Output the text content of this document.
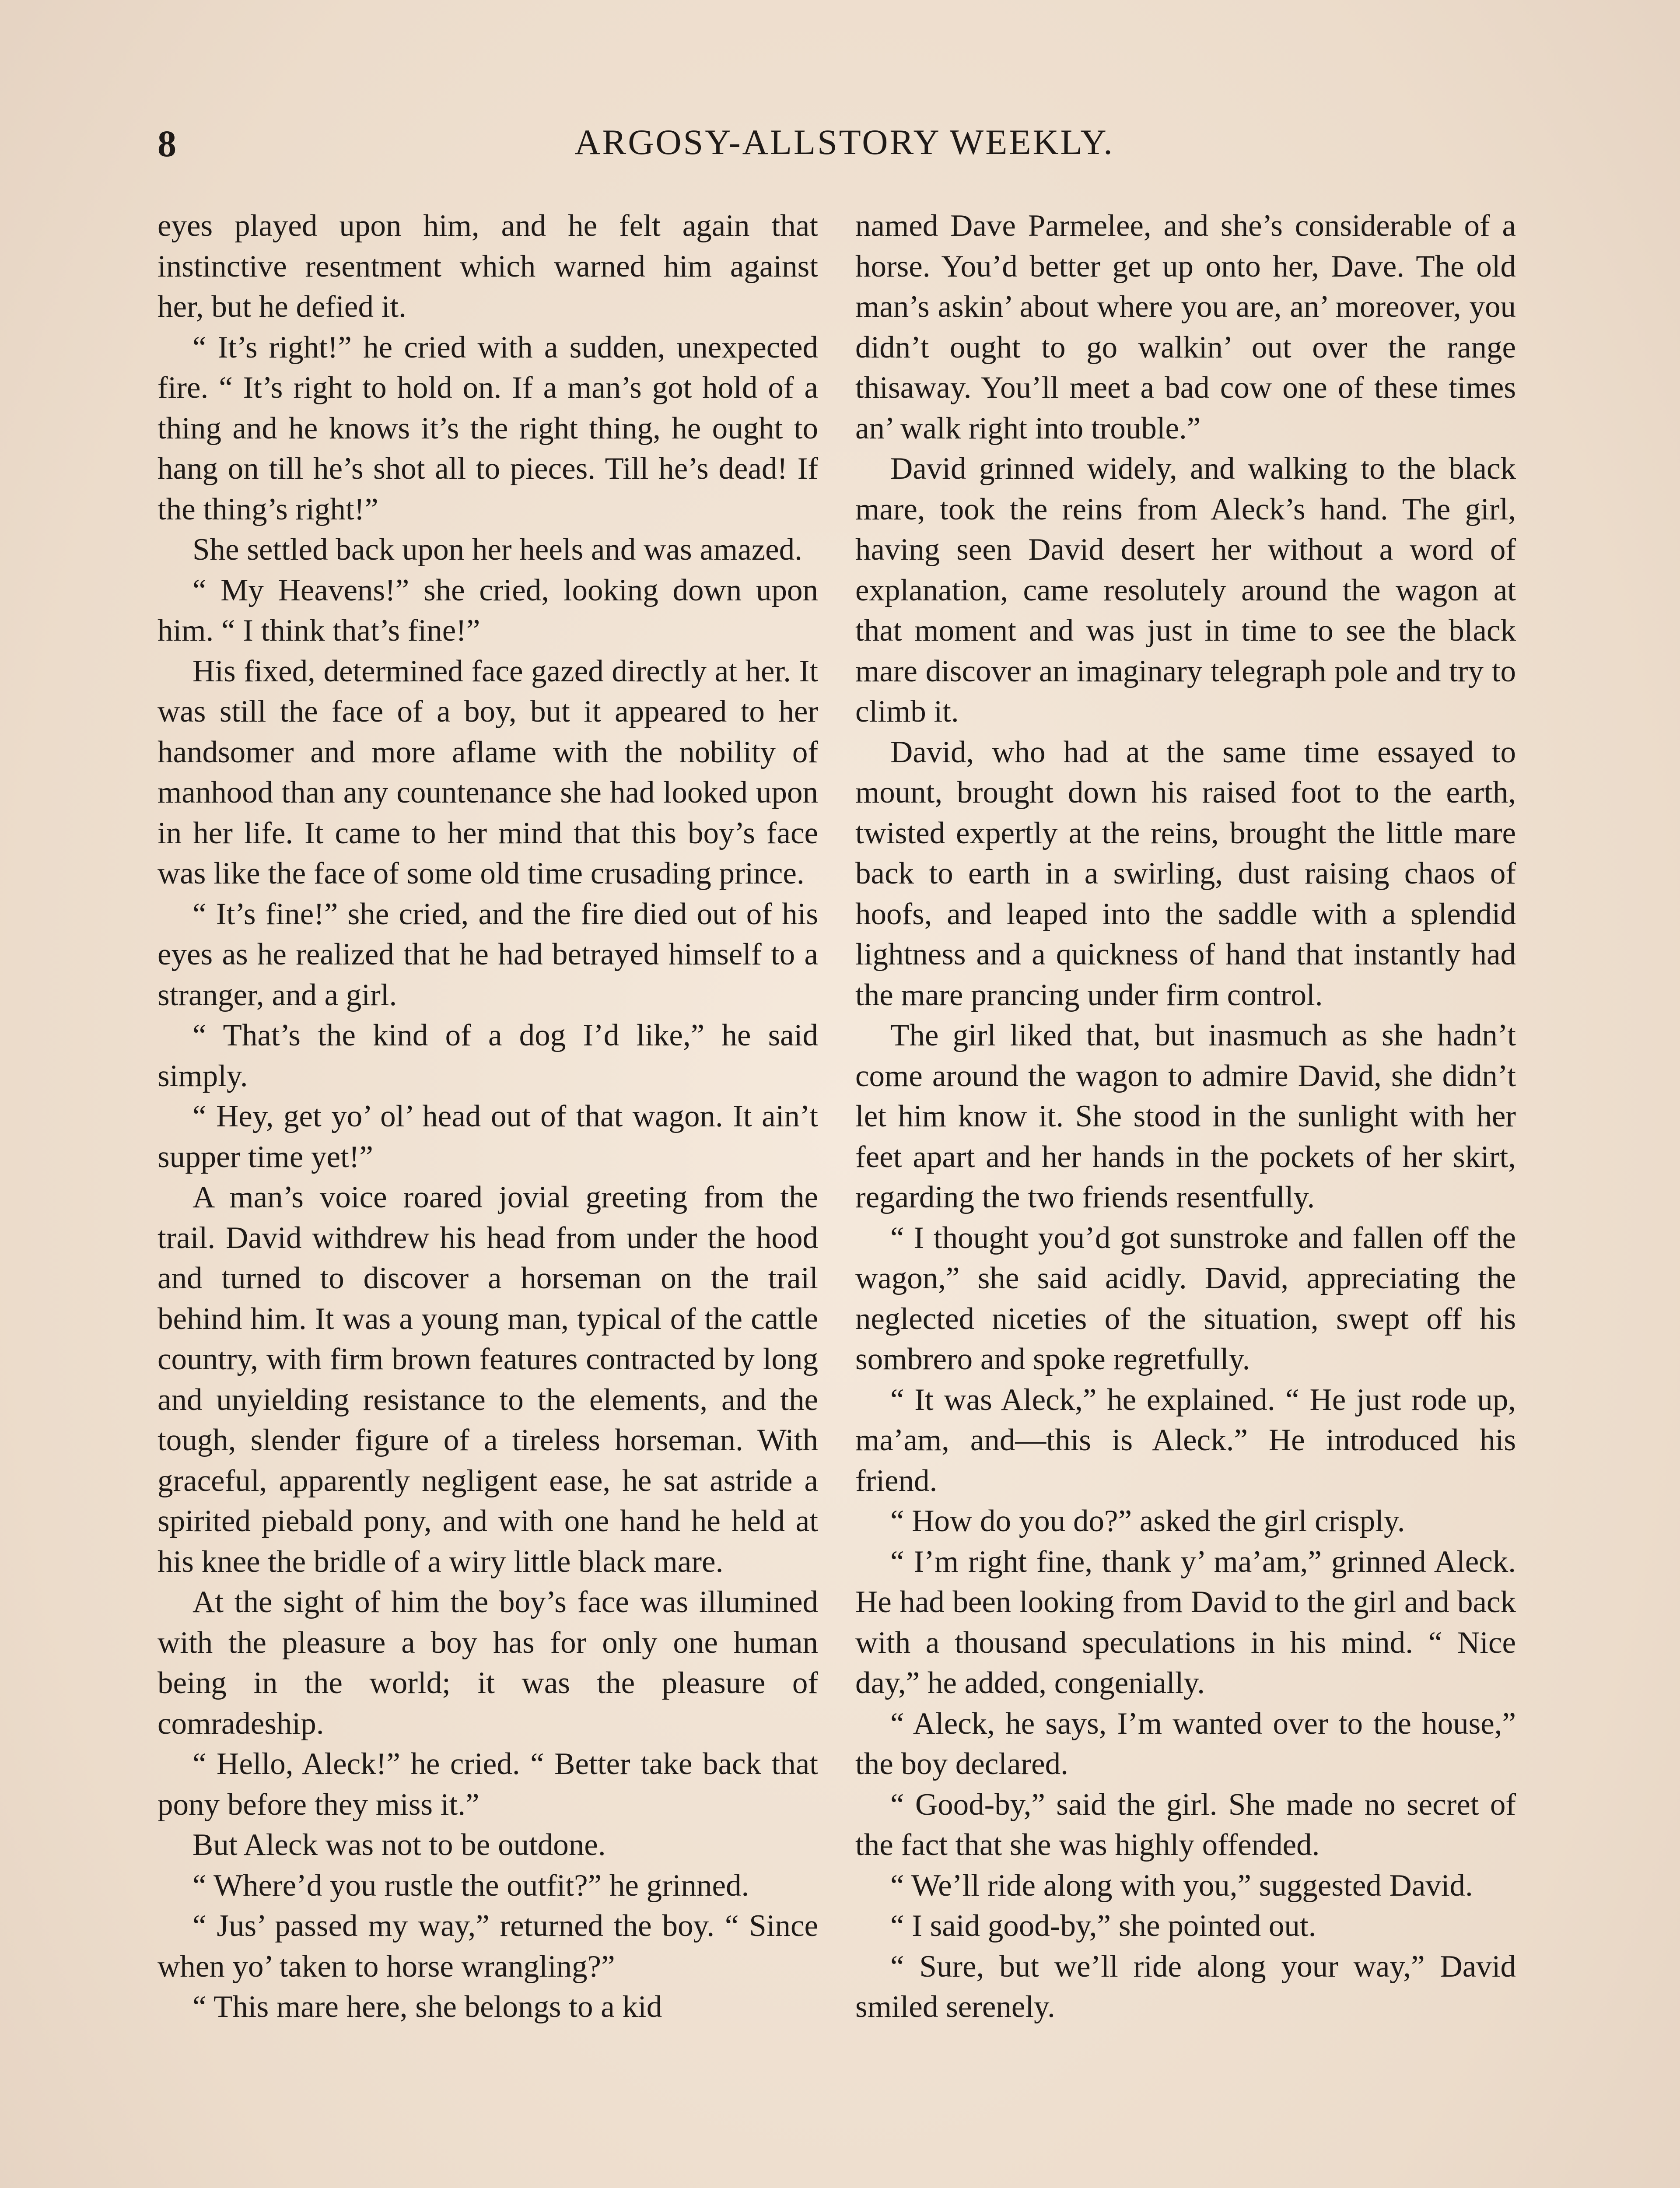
8	ARGOSY-ALLSTORY WEEKLY.

eyes played upon him, and he felt again that instinctive resentment which warned him against her, but he defied it.

“ It’s right!” he cried with a sudden, unexpected fire. “ It’s right to hold on. If a man’s got hold of a thing and he knows it’s the right thing, he ought to hang on till he’s shot all to pieces. Till he’s dead! If the thing’s right!”

She settled back upon her heels and was amazed.

“ My Heavens!” she cried, looking down upon him. “ I think that’s fine!”

His fixed, determined face gazed directly at her. It was still the face of a boy, but it appeared to her handsomer and more aflame with the nobility of manhood than any countenance she had looked upon in her life. It came to her mind that this boy’s face was like the face of some old time crusading prince.

“ It’s fine!” she cried, and the fire died out of his eyes as he realized that he had betrayed himself to a stranger, and a girl.

“ That’s the kind of a dog I’d like,” he said simply.

“ Hey, get yo’ ol’ head out of that wagon. It ain’t supper time yet!”

A man’s voice roared jovial greeting from the trail. David withdrew his head from under the hood and turned to discover a horseman on the trail behind him. It was a young man, typical of the cattle country, with firm brown features contracted by long and unyielding resistance to the elements, and the tough, slender figure of a tireless horseman. With graceful, apparently negligent ease, he sat astride a spirited piebald pony, and with one hand he held at his knee the bridle of a wiry little black mare.

At the sight of him the boy’s face was illumined with the pleasure a boy has for only one human being in the world; it was the pleasure of comradeship.

“ Hello, Aleck!” he cried. “ Better take back that pony before they miss it.”

But Aleck was not to be outdone.

“ Where’d you rustle the outfit?” he grinned.

“ Jus’ passed my way,” returned the boy. “ Since when yo’ taken to horse wrangling?”

“ This mare here, she belongs to a kid

named Dave Parmelee, and she’s considerable of a horse. You’d better get up onto her, Dave. The old man’s askin’ about where you are, an’ moreover, you didn’t ought to go walkin’ out over the range thisaway. You’ll meet a bad cow one of these times an’ walk right into trouble.”

David grinned widely, and walking to the black mare, took the reins from Aleck’s hand. The girl, having seen David desert her without a word of explanation, came resolutely around the wagon at that moment and was just in time to see the black mare discover an imaginary telegraph pole and try to climb it.

David, who had at the same time essayed to mount, brought down his raised foot to the earth, twisted expertly at the reins, brought the little mare back to earth in a swirling, dust raising chaos of hoofs, and leaped into the saddle with a splendid lightness and a quickness of hand that instantly had the mare prancing under firm control.

The girl liked that, but inasmuch as she hadn’t come around the wagon to admire David, she didn’t let him know it. She stood in the sunlight with her feet apart and her hands in the pockets of her skirt, regarding the two friends resentfully.

“ I thought you’d got sunstroke and fallen off the wagon,” she said acidly. David, appreciating the neglected niceties of the situation, swept off his sombrero and spoke regretfully.

“ It was Aleck,” he explained. “ He just rode up, ma’am, and—this is Aleck.” He introduced his friend.

“ How do you do?” asked the girl crisply.

“ I’m right fine, thank y’ ma’am,” grinned Aleck. He had been looking from David to the girl and back with a thousand speculations in his mind. “ Nice day,” he added, congenially.

“ Aleck, he says, I’m wanted over to the house,” the boy declared.

“ Good-by,” said the girl. She made no secret of the fact that she was highly offended.

“ We’ll ride along with you,” suggested David.

“ I said good-by,” she pointed out.

“ Sure, but we’ll ride along your way,” David smiled serenely.
